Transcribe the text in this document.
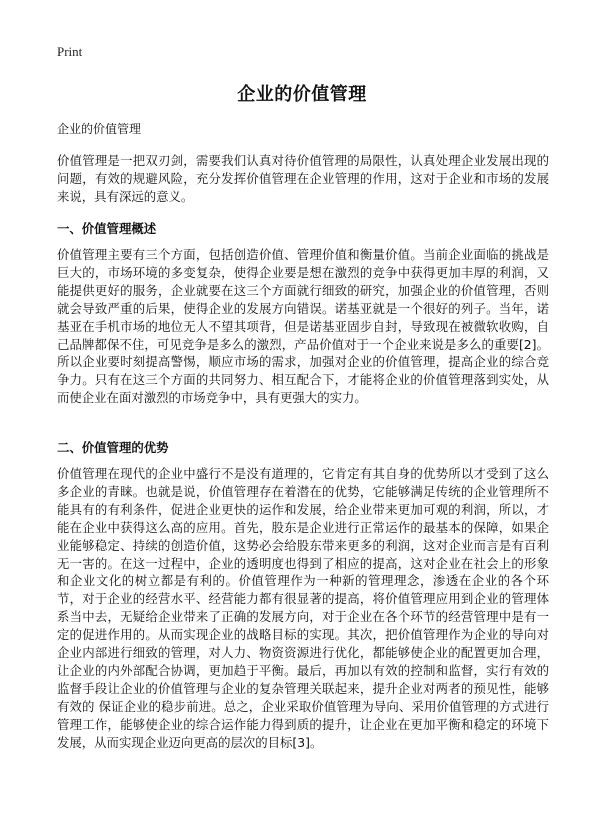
Print
企业的价值管理
企业的价值管理

价值管理是一把双刃剑，需要我们认真对待价值管理的局限性，认真处理企业发展出现的问题，有效的规避风险，充分发挥价值管理在企业管理的作用，这对于企业和市场的发展来说，具有深远的意义。

一、价值管理概述

价值管理主要有三个方面，包括创造价值、管理价值和衡量价值。当前企业面临的挑战是巨大的，市场环境的多变复杂，使得企业要是想在激烈的竞争中获得更加丰厚的利润，又能提供更好的服务，企业就要在这三个方面就行细致的研究，加强企业的价值管理，否则就会导致严重的后果，使得企业的发展方向错误。诺基亚就是一个很好的列子。当年，诺基亚在手机市场的地位无人不望其项背，但是诺基亚固步自封，导致现在被微软收购，自己品牌都保不住，可见竞争是多么的激烈，产品价值对于一个企业来说是多么的重要[2]。所以企业要时刻提高警惕，顺应市场的需求，加强对企业的价值管理，提高企业的综合竞争力。只有在这三个方面的共同努力、相互配合下，才能将企业的价值管理落到实处，从而使企业在面对激烈的市场竞争中，具有更强大的实力。

二、价值管理的优势

价值管理在现代的企业中盛行不是没有道理的，它肯定有其自身的优势所以才受到了这么多企业的青睐。也就是说，价值管理存在着潜在的优势，它能够满足传统的企业管理所不能具有的有利条件，促进企业更快的运作和发展，给企业带来更加可观的利润，所以，才能在企业中获得这么高的应用。首先，股东是企业进行正常运作的最基本的保障，如果企业能够稳定、持续的创造价值，这势必会给股东带来更多的利润，这对企业而言是有百利无一害的。在这一过程中，企业的透明度也得到了相应的提高，这对企业在社会上的形象和企业文化的树立都是有利的。价值管理作为一种新的管理理念，渗透在企业的各个环节，对于企业的经营水平、经营能力都有很显著的提高，将价值管理应用到企业的管理体系当中去，无疑给企业带来了正确的发展方向，对于企业在各个环节的经营管理中是有一定的促进作用的。从而实现企业的战略目标的实现。其次，把价值管理作为企业的导向对企业内部进行细致的管理，对人力、物资资源进行优化，都能够使企业的配置更加合理，让企业的内外部配合协调，更加趋于平衡。最后，再加以有效的控制和监督，实行有效的监督手段让企业的价值管理与企业的复杂管理关联起来，提升企业对两者的预见性，能够有效的 保证企业的稳步前进。总之，企业采取价值管理为导向、采用价值管理的方式进行管理工作，能够使企业的综合运作能力得到质的提升，让企业在更加平衡和稳定的环境下发展，从而实现企业迈向更高的层次的目标[3]。
